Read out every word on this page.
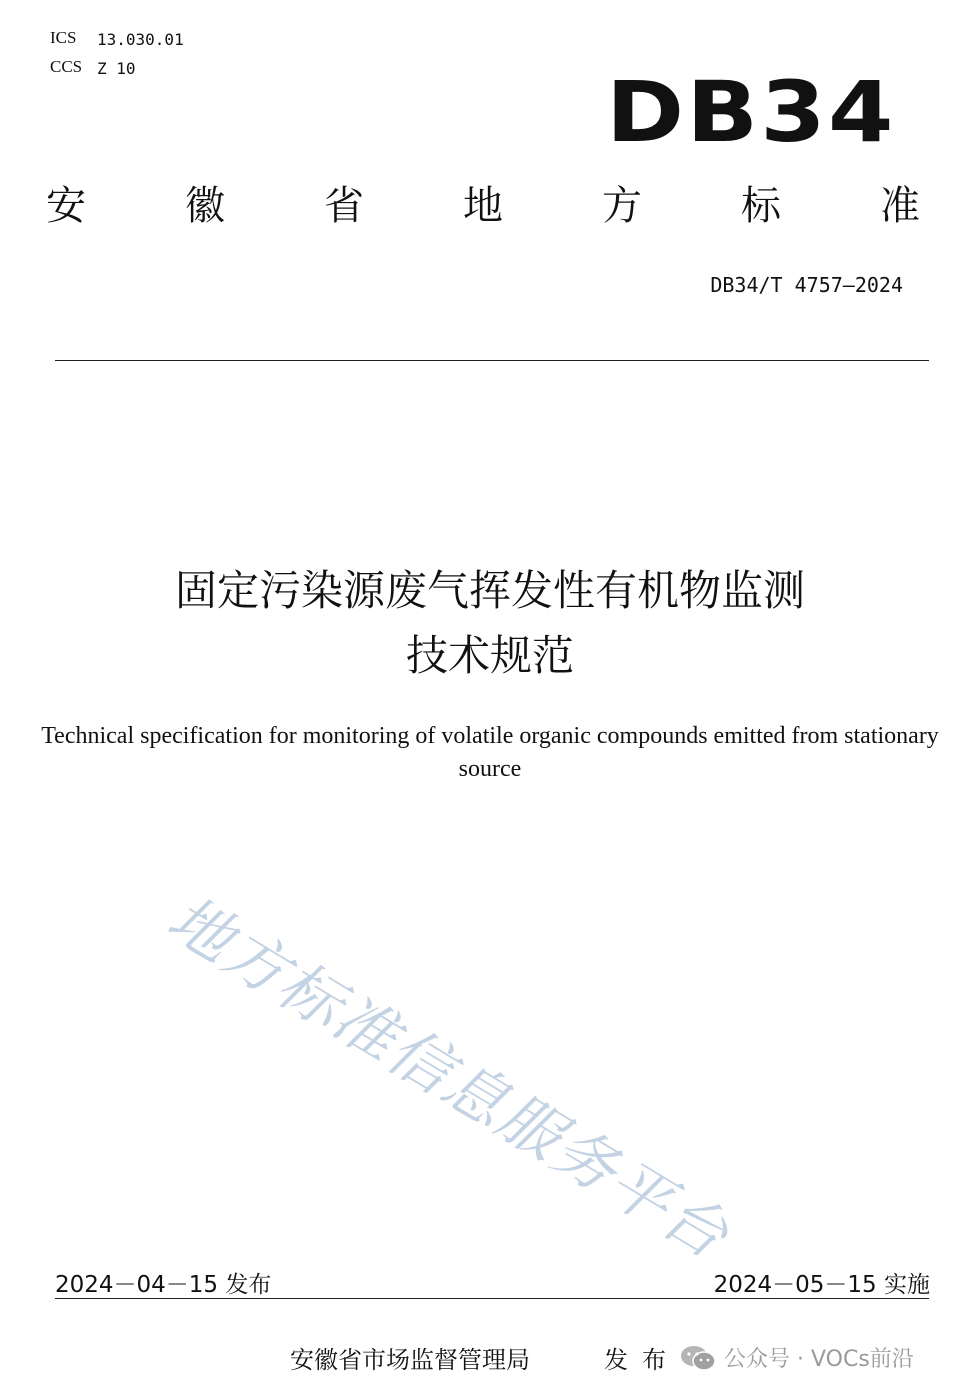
ICS 13.030.01
CCS Z 10	DB34
安 徽 省 地 方 标 准
DB34/T 4757—2024
固定污染源废气挥发性有机物监测
技术规范
Technical specification for monitoring of volatile organic compounds emitted from stationary source
地方标准信息服务平台
2024－04－15 发布	2024－05－15 实施
安徽省市场监督管理局	发布 公众号 · VOCs前沿
